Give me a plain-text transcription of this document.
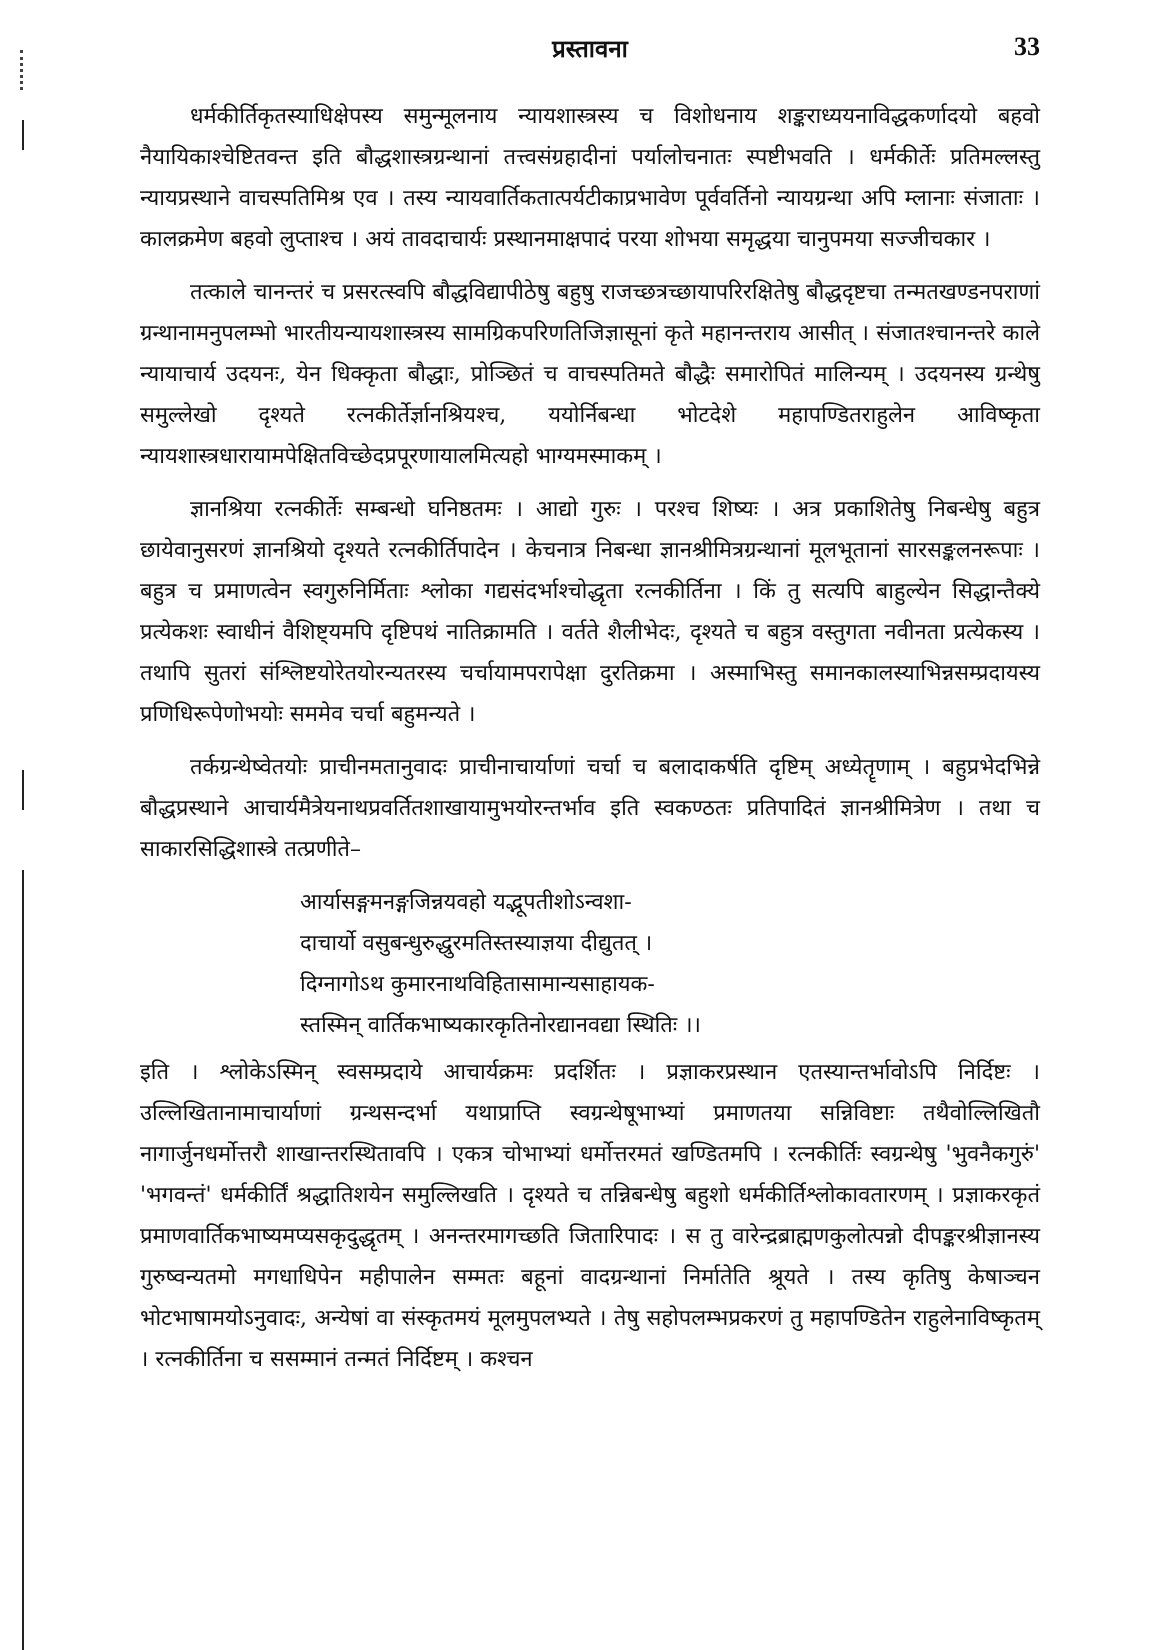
प्रस्तावना	33

धर्मकीर्तिकृतस्याधिक्षेपस्य समुन्मूलनाय न्यायशास्त्रस्य च विशोधनाय शङ्कराध्ययनाविद्धकर्णादयो बहवो नैयायिकाश्चेष्टितवन्त इति बौद्धशास्त्रग्रन्थानां तत्त्वसंग्रहादीनां पर्यालोचनातः स्पष्टीभवति । धर्मकीर्तेः प्रतिमल्लस्तु न्यायप्रस्थाने वाचस्पतिमिश्र एव । तस्य न्यायवार्तिकतात्पर्यटीकाप्रभावेण पूर्ववर्तिनो न्यायग्रन्था अपि म्लानाः संजाताः । कालक्रमेण बहवो लुप्ताश्च । अयं तावदाचार्यः प्रस्थानमाक्षपादं परया शोभया समृद्धया चानुपमया सज्जीचकार ।

तत्काले चानन्तरं च प्रसरत्स्वपि बौद्धविद्यापीठेषु बहुषु राजच्छत्रच्छायापरिरक्षितेषु बौद्धदृष्टचा तन्मतखण्डनपराणां ग्रन्थानामनुपलम्भो भारतीयन्यायशास्त्रस्य सामग्रिकपरिणतिजिज्ञासूनां कृते महानन्तराय आसीत् । संजातश्चानन्तरे काले न्यायाचार्य उदयनः, येन धिक्कृता बौद्धाः, प्रोञ्छितं च वाचस्पतिमते बौद्धैः समारोपितं मालिन्यम् । उदयनस्य ग्रन्थेषु समुल्लेखो दृश्यते रत्नकीर्तेर्ज्ञानश्रियश्च, ययोर्निबन्धा भोटदेशे महापण्डितराहुलेन आविष्कृता न्यायशास्त्रधारायामपेक्षितविच्छेदप्रपूरणायालमित्यहो भाग्यमस्माकम् ।

ज्ञानश्रिया रत्नकीर्तेः सम्बन्धो घनिष्ठतमः । आद्यो गुरुः । परश्च शिष्यः । अत्र प्रकाशितेषु निबन्धेषु बहुत्र छायेवानुसरणं ज्ञानश्रियो दृश्यते रत्नकीर्तिपादेन । केचनात्र निबन्धा ज्ञानश्रीमित्रग्रन्थानां मूलभूतानां सारसङ्कलनरूपाः । बहुत्र च प्रमाणत्वेन स्वगुरुनिर्मिताः श्लोका गद्यसंदर्भाश्चोद्धृता रत्नकीर्तिना । किं तु सत्यपि बाहुल्येन सिद्धान्तैक्ये प्रत्येकशः स्वाधीनं वैशिष्ट्यमपि दृष्टिपथं नातिक्रामति । वर्तते शैलीभेदः, दृश्यते च बहुत्र वस्तुगता नवीनता प्रत्येकस्य । तथापि सुतरां संश्लिष्टयोरेतयोरन्यतरस्य चर्चायामपरापेक्षा दुरतिक्रमा । अस्माभिस्तु समानकालस्याभिन्नसम्प्रदायस्य प्रणिधिरूपेणोभयोः सममेव चर्चा बहुमन्यते ।

तर्कग्रन्थेष्वेतयोः प्राचीनमतानुवादः प्राचीनाचार्याणां चर्चा च बलादाकर्षति दृष्टिम् अध्येतॄणाम् । बहुप्रभेदभिन्ने बौद्धप्रस्थाने आचार्यमैत्रेयनाथप्रवर्तितशाखायामुभयोरन्तर्भाव इति स्वकण्ठतः प्रतिपादितं ज्ञानश्रीमित्रेण । तथा च साकारसिद्धिशास्त्रे तत्प्रणीते–

आर्यासङ्गमनङ्गजिन्नयवहो यद्भूपतीशोऽन्वशा-
दाचार्यो वसुबन्धुरुद्धुरमतिस्तस्याज्ञया दीद्युतत् ।
दिग्नागोऽथ कुमारनाथविहितासामान्यसाहायक-
स्तस्मिन् वार्तिकभाष्यकारकृतिनोरद्यानवद्या स्थितिः ।।

इति । श्लोकेऽस्मिन् स्वसम्प्रदाये आचार्यक्रमः प्रदर्शितः । प्रज्ञाकरप्रस्थान एतस्यान्तर्भावोऽपि निर्दिष्टः । उल्लिखितानामाचार्याणां ग्रन्थसन्दर्भा यथाप्राप्ति स्वग्रन्थेषूभाभ्यां प्रमाणतया सन्निविष्टाः तथैवोल्लिखितौ नागार्जुनधर्मोत्तरौ शाखान्तरस्थितावपि । एकत्र चोभाभ्यां धर्मोत्तरमतं खण्डितमपि । रत्नकीर्तिः स्वग्रन्थेषु 'भुवनैकगुरुं' 'भगवन्तं' धर्मकीर्तिं श्रद्धातिशयेन समुल्लिखति । दृश्यते च तन्निबन्धेषु बहुशो धर्मकीर्तिश्लोकावतारणम् । प्रज्ञाकरकृतं प्रमाणवार्तिकभाष्यमप्यसकृदुद्धृतम् । अनन्तरमागच्छति जितारिपादः । स तु वारेन्द्रब्राह्मणकुलोत्पन्नो दीपङ्करश्रीज्ञानस्य गुरुष्वन्यतमो मगधाधिपेन महीपालेन सम्मतः बहूनां वादग्रन्थानां निर्मातेति श्रूयते । तस्य कृतिषु केषाञ्चन भोटभाषामयोऽनुवादः, अन्येषां वा संस्कृतमयं मूलमुपलभ्यते । तेषु सहोपलम्भप्रकरणं तु महापण्डितेन राहुलेनाविष्कृतम् । रत्नकीर्तिना च ससम्मानं तन्मतं निर्दिष्टम् । कश्चन
